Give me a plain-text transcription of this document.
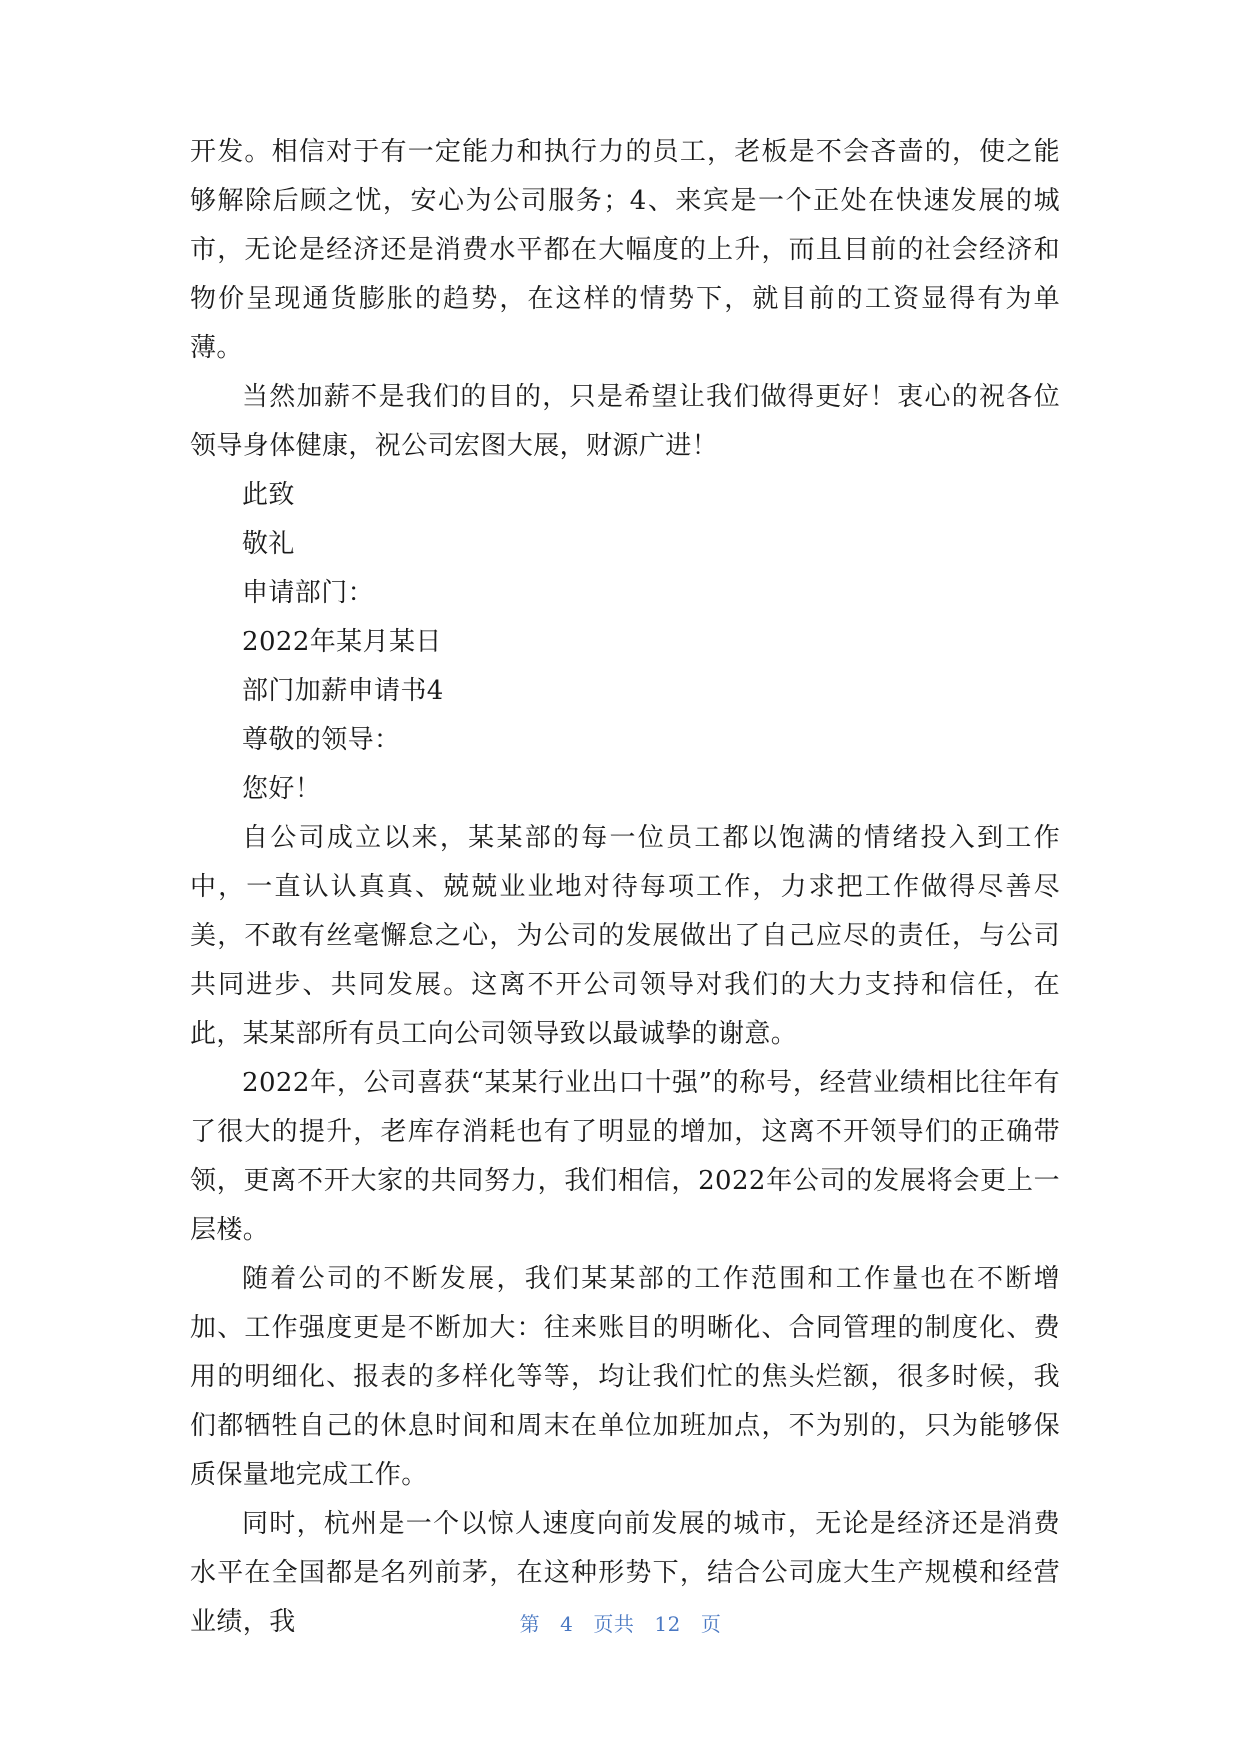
开发。相信对于有一定能力和执行力的员工，老板是不会吝啬的，使之能够解除后顾之忧，安心为公司服务；4、来宾是一个正处在快速发展的城市，无论是经济还是消费水平都在大幅度的上升，而且目前的社会经济和物价呈现通货膨胀的趋势，在这样的情势下，就目前的工资显得有为单薄。

当然加薪不是我们的目的，只是希望让我们做得更好！衷心的祝各位领导身体健康，祝公司宏图大展，财源广进！

此致

敬礼

申请部门：

2022年某月某日

部门加薪申请书4

尊敬的领导：

您好！

自公司成立以来，某某部的每一位员工都以饱满的情绪投入到工作中，一直认认真真、兢兢业业地对待每项工作，力求把工作做得尽善尽美，不敢有丝毫懈怠之心，为公司的发展做出了自己应尽的责任，与公司共同进步、共同发展。这离不开公司领导对我们的大力支持和信任，在此，某某部所有员工向公司领导致以最诚挚的谢意。

2022年，公司喜获“某某行业出口十强”的称号，经营业绩相比往年有了很大的提升，老库存消耗也有了明显的增加，这离不开领导们的正确带领，更离不开大家的共同努力，我们相信，2022年公司的发展将会更上一层楼。

随着公司的不断发展，我们某某部的工作范围和工作量也在不断增加、工作强度更是不断加大：往来账目的明晰化、合同管理的制度化、费用的明细化、报表的多样化等等，均让我们忙的焦头烂额，很多时候，我们都牺牲自己的休息时间和周末在单位加班加点，不为别的，只为能够保质保量地完成工作。

同时，杭州是一个以惊人速度向前发展的城市，无论是经济还是消费水平在全国都是名列前茅，在这种形势下，结合公司庞大生产规模和经营业绩，我	第 4 页共 12 页
